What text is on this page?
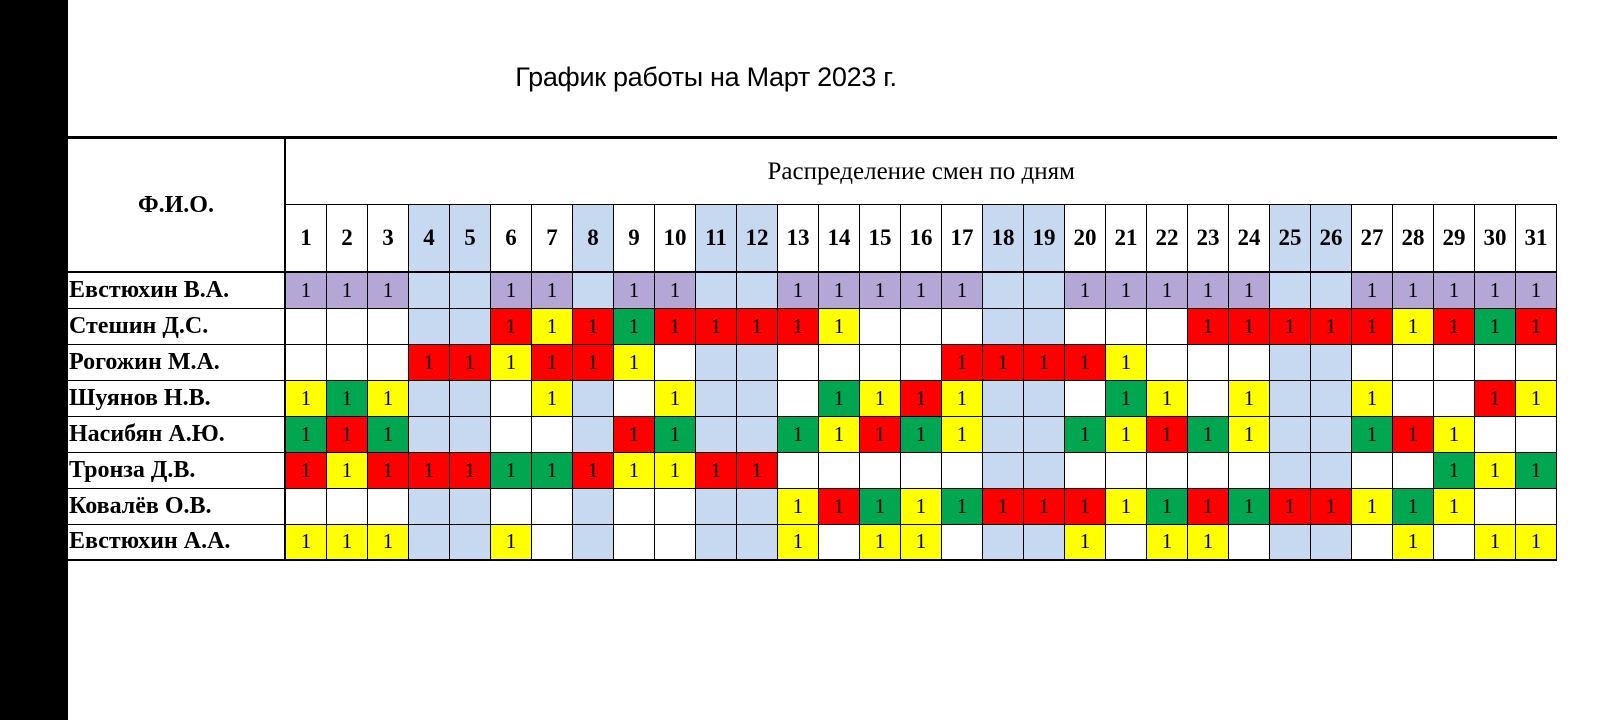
График работы на Март 2023 г.
Ф.И.О.	Распределение смен по дням																														
	1	2	3	4	5	6	7	8	9	10	11	12	13	14	15	16	17	18	19	20	21	22	23	24	25	26	27	28	29	30	31
Евстюхин В.А.	1	1	1			1	1		1	1			1	1	1	1	1			1	1	1	1	1			1	1	1	1	1
Стешин Д.С.						1	1	1	1	1	1	1	1	1									1	1	1	1	1	1	1	1	1
Рогожин М.А.				1	1	1	1	1	1								1	1	1	1	1										
Шуянов Н.В.	1	1	1				1			1				1	1	1	1				1	1		1			1			1	1
Насибян А.Ю.	1	1	1						1	1			1	1	1	1	1			1	1	1	1	1			1	1	1		
Тронза Д.В.	1	1	1	1	1	1	1	1	1	1	1	1																	1	1	1
Ковалёв О.В.													1	1	1	1	1	1	1	1	1	1	1	1	1	1	1	1	1		
Евстюхин А.А.	1	1	1			1							1		1	1				1		1	1					1		1	1
